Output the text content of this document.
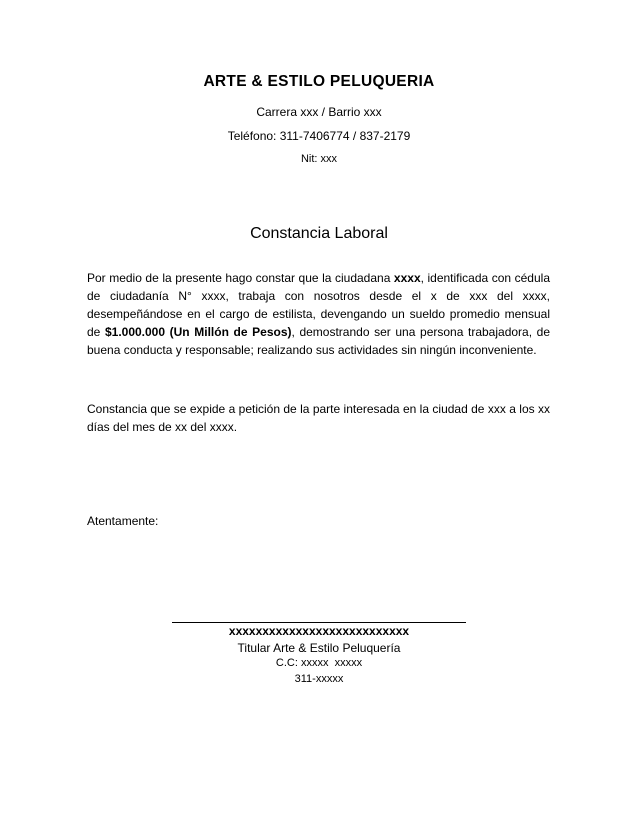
ARTE & ESTILO PELUQUERIA
Carrera xxx / Barrio xxx
Teléfono: 311-7406774 / 837-2179
Nit: xxx
Constancia Laboral

Por medio de la presente hago constar que la ciudadana xxxx, identificada con cédula de ciudadanía N° xxxx, trabaja con nosotros desde el x de xxx del xxxx, desempeñándose en el cargo de estilista, devengando un sueldo promedio mensual de $1.000.000 (Un Millón de Pesos), demostrando ser una persona trabajadora, de buena conducta y responsable; realizando sus actividades sin ningún inconveniente.

Constancia que se expide a petición de la parte interesada en la ciudad de xxx a los xx días del mes de xx del xxxx.

Atentamente:
xxxxxxxxxxxxxxxxxxxxxxxxxxx
Titular Arte & Estilo Peluquería
C.C: xxxxx  xxxxx
311-xxxxx
